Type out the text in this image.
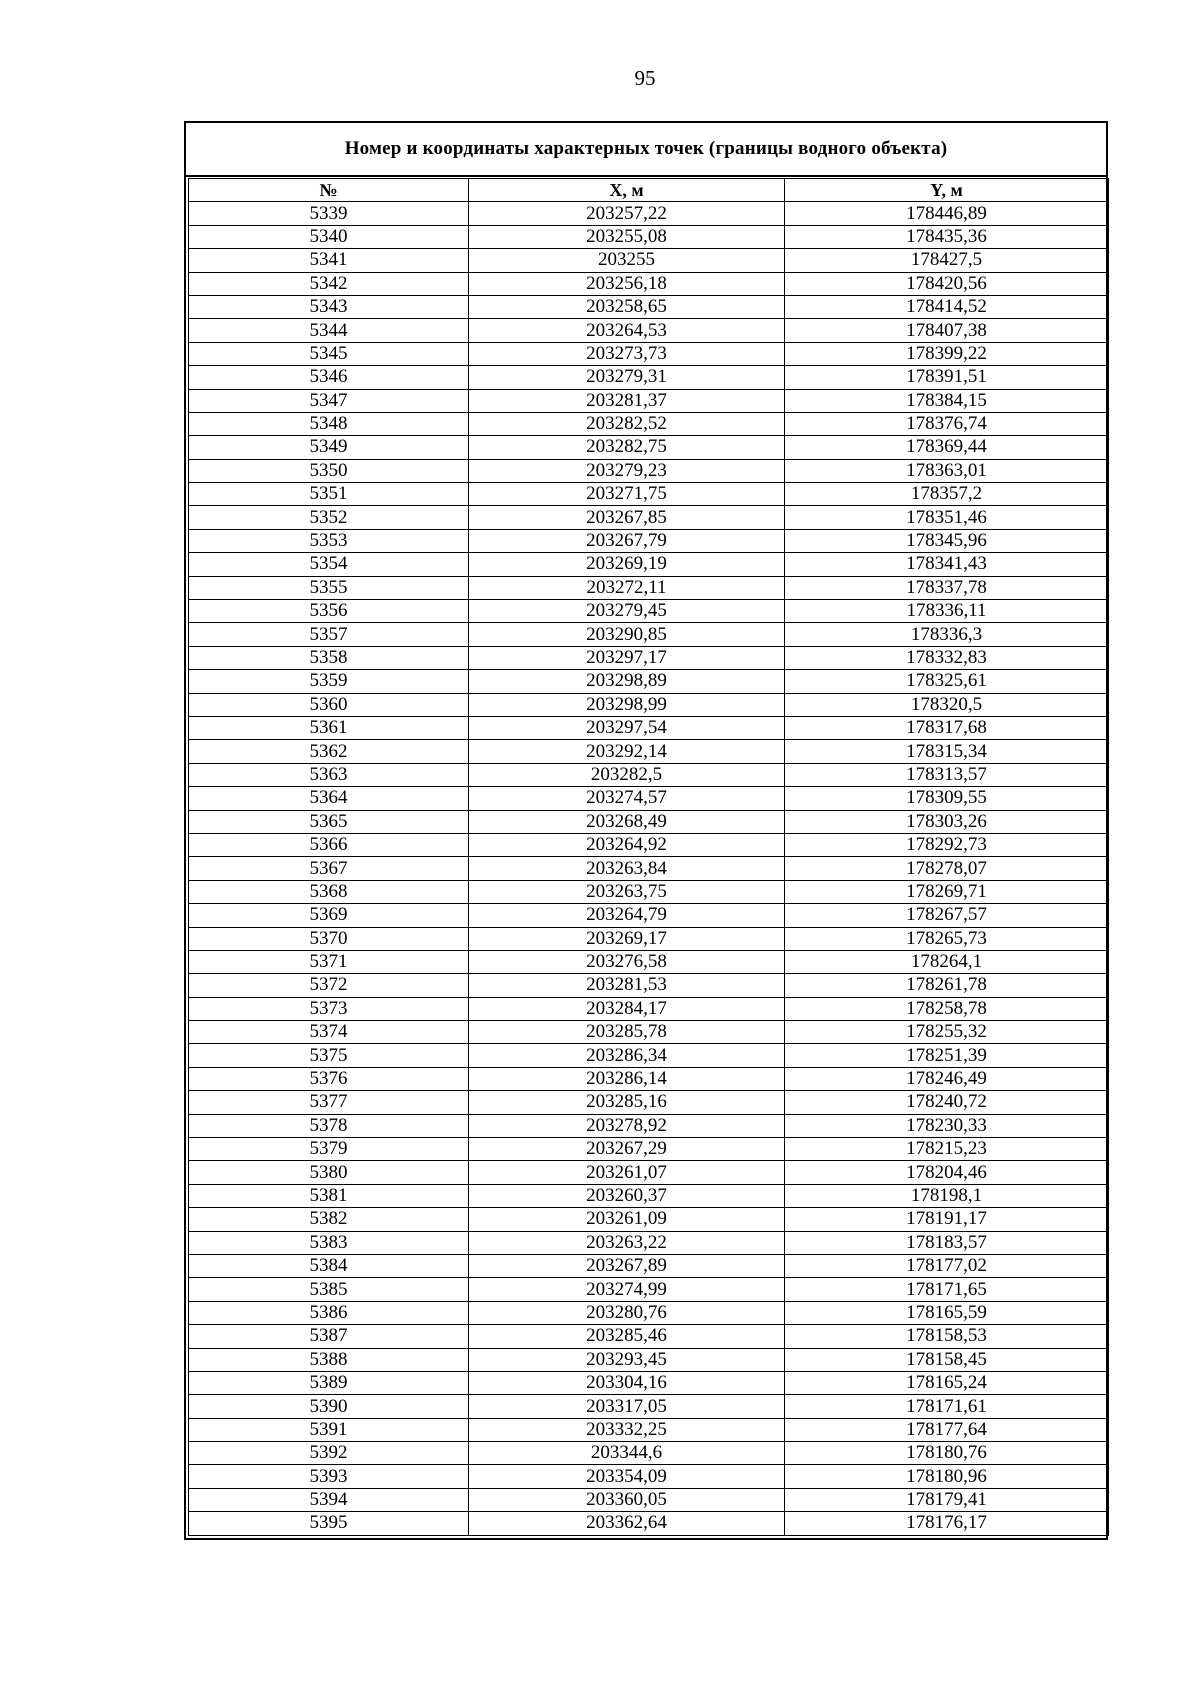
95
Номер и координаты характерных точек (границы водного объекта)
№	X, м	Y, м
5339	203257,22	178446,89
5340	203255,08	178435,36
5341	203255	178427,5
5342	203256,18	178420,56
5343	203258,65	178414,52
5344	203264,53	178407,38
5345	203273,73	178399,22
5346	203279,31	178391,51
5347	203281,37	178384,15
5348	203282,52	178376,74
5349	203282,75	178369,44
5350	203279,23	178363,01
5351	203271,75	178357,2
5352	203267,85	178351,46
5353	203267,79	178345,96
5354	203269,19	178341,43
5355	203272,11	178337,78
5356	203279,45	178336,11
5357	203290,85	178336,3
5358	203297,17	178332,83
5359	203298,89	178325,61
5360	203298,99	178320,5
5361	203297,54	178317,68
5362	203292,14	178315,34
5363	203282,5	178313,57
5364	203274,57	178309,55
5365	203268,49	178303,26
5366	203264,92	178292,73
5367	203263,84	178278,07
5368	203263,75	178269,71
5369	203264,79	178267,57
5370	203269,17	178265,73
5371	203276,58	178264,1
5372	203281,53	178261,78
5373	203284,17	178258,78
5374	203285,78	178255,32
5375	203286,34	178251,39
5376	203286,14	178246,49
5377	203285,16	178240,72
5378	203278,92	178230,33
5379	203267,29	178215,23
5380	203261,07	178204,46
5381	203260,37	178198,1
5382	203261,09	178191,17
5383	203263,22	178183,57
5384	203267,89	178177,02
5385	203274,99	178171,65
5386	203280,76	178165,59
5387	203285,46	178158,53
5388	203293,45	178158,45
5389	203304,16	178165,24
5390	203317,05	178171,61
5391	203332,25	178177,64
5392	203344,6	178180,76
5393	203354,09	178180,96
5394	203360,05	178179,41
5395	203362,64	178176,17
